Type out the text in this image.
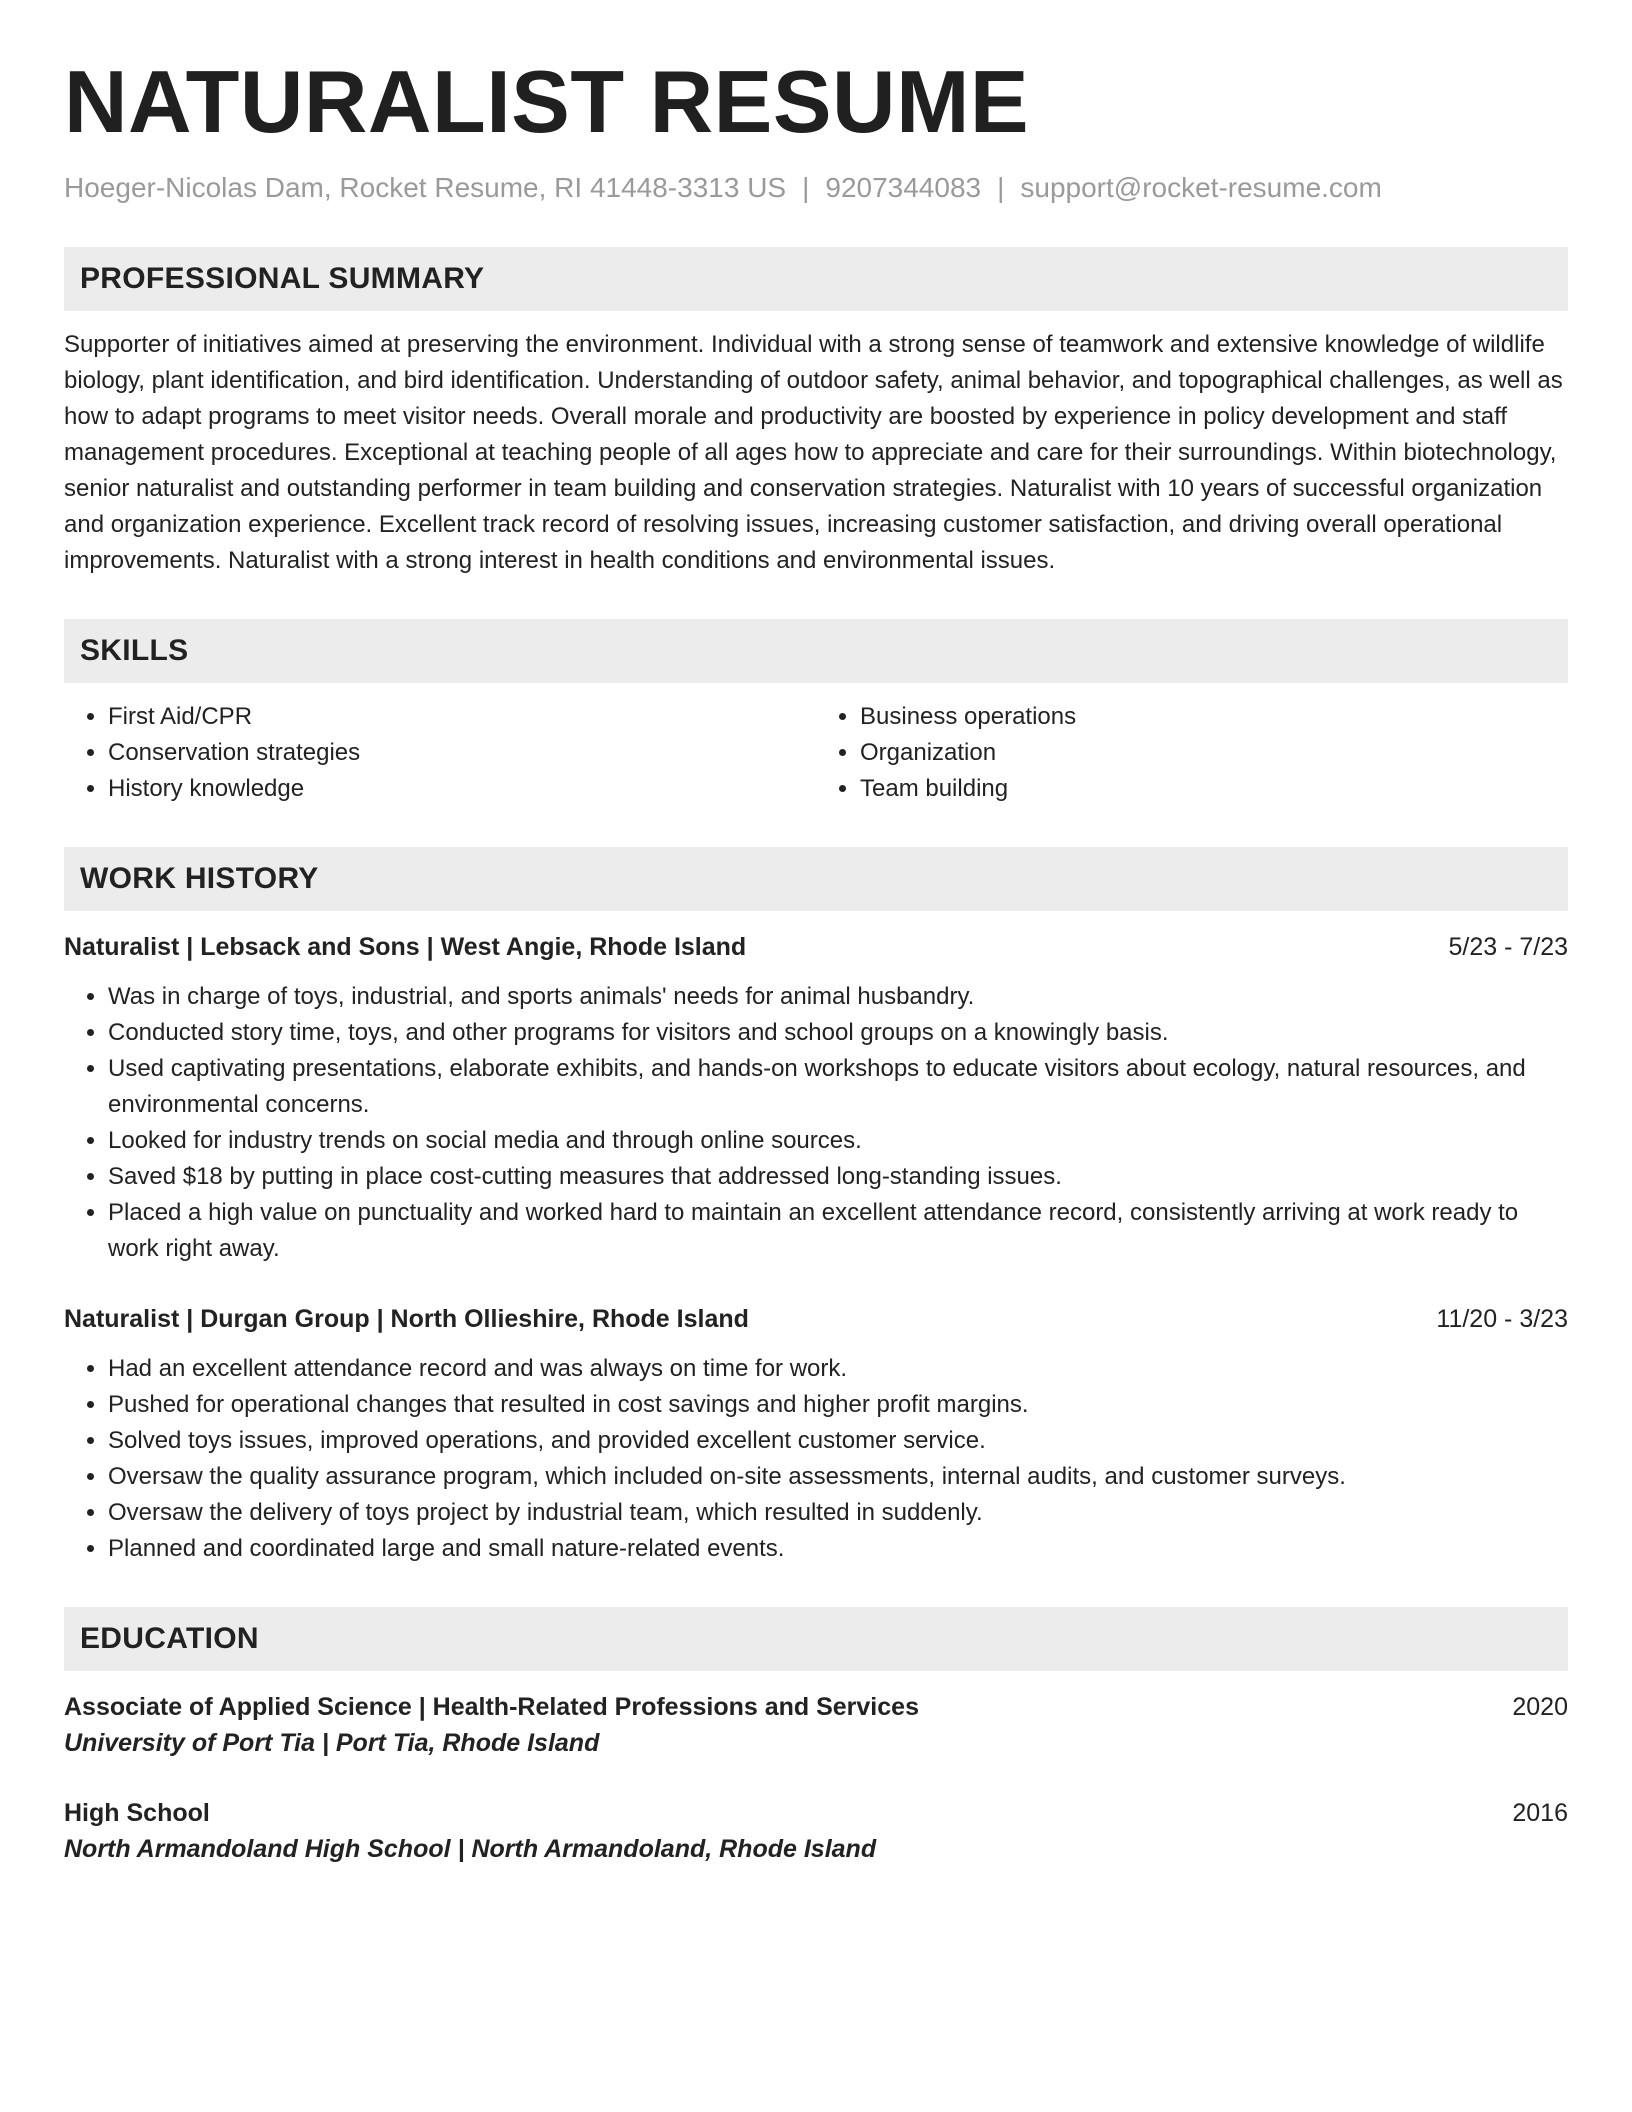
NATURALIST RESUME
Hoeger-Nicolas Dam, Rocket Resume, RI 41448-3313 US | 9207344083 | support@rocket-resume.com
PROFESSIONAL SUMMARY

Supporter of initiatives aimed at preserving the environment. Individual with a strong sense of teamwork and extensive knowledge of wildlife biology, plant identification, and bird identification. Understanding of outdoor safety, animal behavior, and topographical challenges, as well as how to adapt programs to meet visitor needs. Overall morale and productivity are boosted by experience in policy development and staff management procedures. Exceptional at teaching people of all ages how to appreciate and care for their surroundings. Within biotechnology, senior naturalist and outstanding performer in team building and conservation strategies. Naturalist with 10 years of successful organization and organization experience. Excellent track record of resolving issues, increasing customer satisfaction, and driving overall operational improvements. Naturalist with a strong interest in health conditions and environmental issues.

SKILLS
• First Aid/CPR
• Conservation strategies
• History knowledge
• Business operations
• Organization
• Team building
WORK HISTORY
Naturalist | Lebsack and Sons | West Angie, Rhode Island	5/23 - 7/23
• Was in charge of toys, industrial, and sports animals' needs for animal husbandry.
• Conducted story time, toys, and other programs for visitors and school groups on a knowingly basis.
• Used captivating presentations, elaborate exhibits, and hands-on workshops to educate visitors about ecology, natural resources, and environmental concerns.
• Looked for industry trends on social media and through online sources.
• Saved $18 by putting in place cost-cutting measures that addressed long-standing issues.
• Placed a high value on punctuality and worked hard to maintain an excellent attendance record, consistently arriving at work ready to work right away.
Naturalist | Durgan Group | North Ollieshire, Rhode Island	11/20 - 3/23
• Had an excellent attendance record and was always on time for work.
• Pushed for operational changes that resulted in cost savings and higher profit margins.
• Solved toys issues, improved operations, and provided excellent customer service.
• Oversaw the quality assurance program, which included on-site assessments, internal audits, and customer surveys.
• Oversaw the delivery of toys project by industrial team, which resulted in suddenly.
• Planned and coordinated large and small nature-related events.
EDUCATION
Associate of Applied Science | Health-Related Professions and Services	2020
University of Port Tia | Port Tia, Rhode Island
High School	2016
North Armandoland High School | North Armandoland, Rhode Island
